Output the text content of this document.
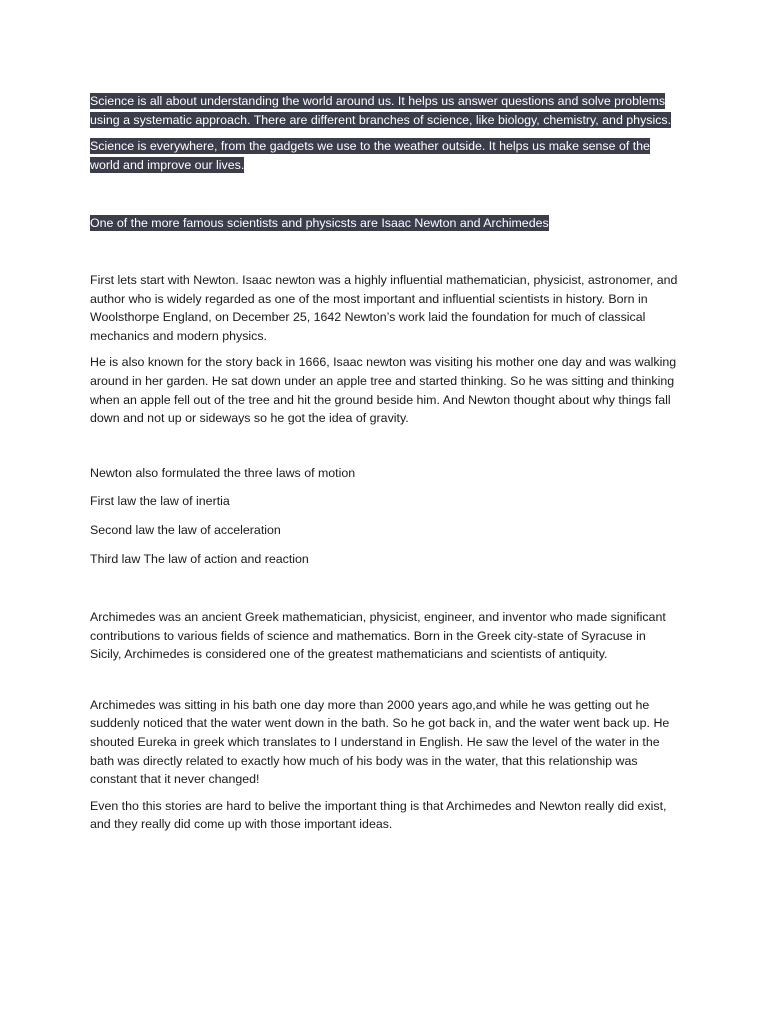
Science is all about understanding the world around us. It helps us answer questions and solve problems using a systematic approach. There are different branches of science, like biology, chemistry, and physics.

Science is everywhere, from the gadgets we use to the weather outside. It helps us make sense of the world and improve our lives.

One of the more famous scientists and physicsts are Isaac Newton and Archimedes

First lets start with Newton. Isaac newton was a highly influential mathematician, physicist, astronomer, and author who is widely regarded as one of the most important and influential scientists in history. Born in Woolsthorpe England, on December 25, 1642 Newton’s work laid the foundation for much of classical mechanics and modern physics.

He is also known for the story back in 1666, Isaac newton was visiting his mother one day and was walking around in her garden. He sat down under an apple tree and started thinking. So he was sitting and thinking when an apple fell out of the tree and hit the ground beside him. And Newton thought about why things fall down and not up or sideways so he got the idea of gravity.

Newton also formulated the three laws of motion

First law the law of inertia

Second law the law of acceleration

Third law The law of action and reaction

Archimedes was an ancient Greek mathematician, physicist, engineer, and inventor who made significant contributions to various fields of science and mathematics. Born in the Greek city-state of Syracuse in Sicily, Archimedes is considered one of the greatest mathematicians and scientists of antiquity.

Archimedes was sitting in his bath one day more than 2000 years ago,and while he was getting out he suddenly noticed that the water went down in the bath. So he got back in, and the water went back up. He shouted Eureka in greek which translates to I understand in English. He saw the level of the water in the bath was directly related to exactly how much of his body was in the water, that this relationship was constant that it never changed!

Even tho this stories are hard to belive the important thing is that Archimedes and Newton really did exist, and they really did come up with those important ideas.
